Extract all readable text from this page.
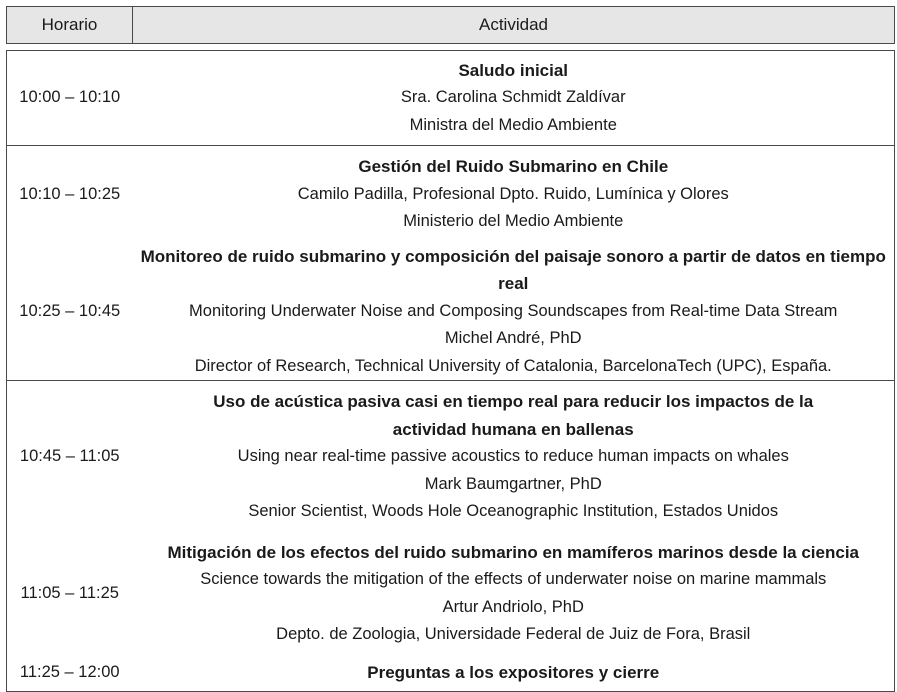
Horario	Actividad

10:00 – 10:10	Saludo inicial
Sra. Carolina Schmidt Zaldívar
Ministra del Medio Ambiente

10:10 – 10:25	Gestión del Ruido Submarino en Chile
Camilo Padilla, Profesional Dpto. Ruido, Lumínica y Olores
Ministerio del Medio Ambiente

10:25 – 10:45	Monitoreo de ruido submarino y composición del paisaje sonoro a partir de datos en tiempo real
Monitoring Underwater Noise and Composing Soundscapes from Real-time Data Stream
Michel André, PhD
Director of Research, Technical University of Catalonia, BarcelonaTech (UPC), España.

10:45 – 11:05	Uso de acústica pasiva casi en tiempo real para reducir los impactos de la
actividad humana en ballenas
Using near real-time passive acoustics to reduce human impacts on whales
Mark Baumgartner, PhD
Senior Scientist, Woods Hole Oceanographic Institution, Estados Unidos

11:05 – 11:25	Mitigación de los efectos del ruido submarino en mamíferos marinos desde la ciencia
Science towards the mitigation of the effects of underwater noise on marine mammals
Artur Andriolo, PhD
Depto. de Zoologia, Universidade Federal de Juiz de Fora, Brasil

11:25 – 12:00	Preguntas a los expositores y cierre
